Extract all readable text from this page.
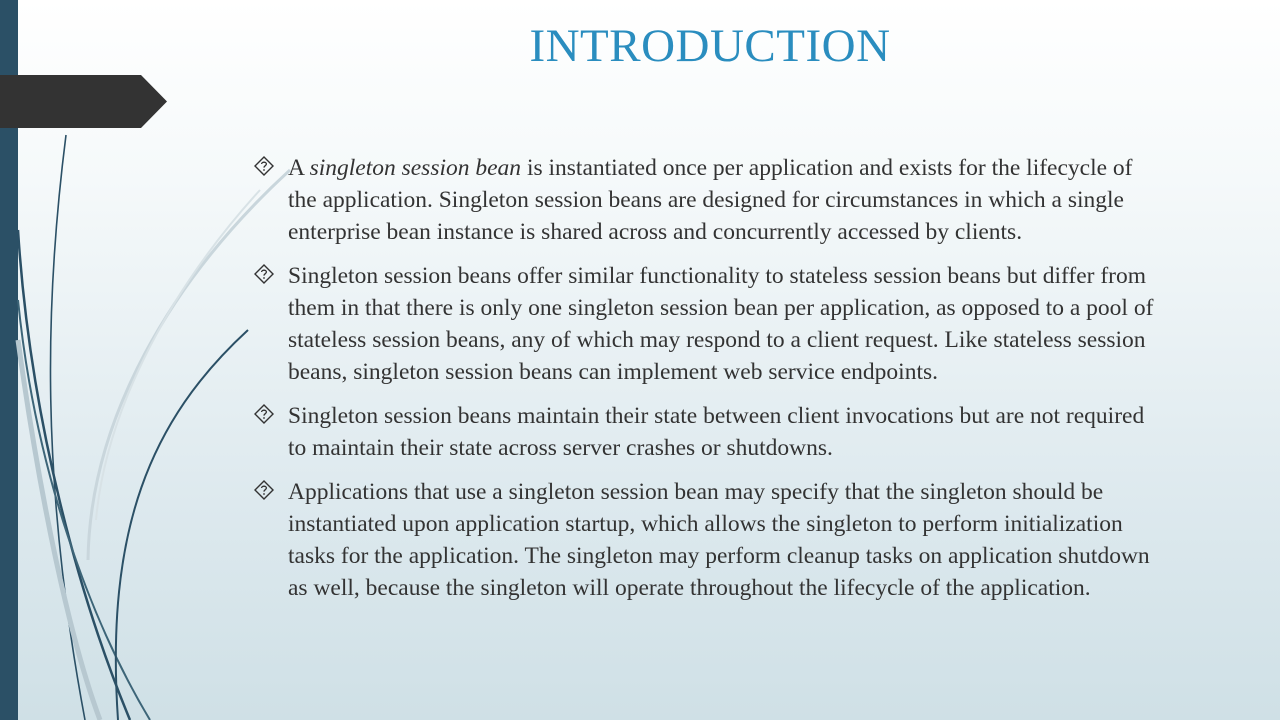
INTRODUCTION
A singleton session bean is instantiated once per application and exists for the lifecycle of the application. Singleton session beans are designed for circumstances in which a single enterprise bean instance is shared across and concurrently accessed by clients.
Singleton session beans offer similar functionality to stateless session beans but differ from them in that there is only one singleton session bean per application, as opposed to a pool of stateless session beans, any of which may respond to a client request. Like stateless session beans, singleton session beans can implement web service endpoints.
Singleton session beans maintain their state between client invocations but are not required to maintain their state across server crashes or shutdowns.
Applications that use a singleton session bean may specify that the singleton should be instantiated upon application startup, which allows the singleton to perform initialization tasks for the application. The singleton may perform cleanup tasks on application shutdown as well, because the singleton will operate throughout the lifecycle of the application.
